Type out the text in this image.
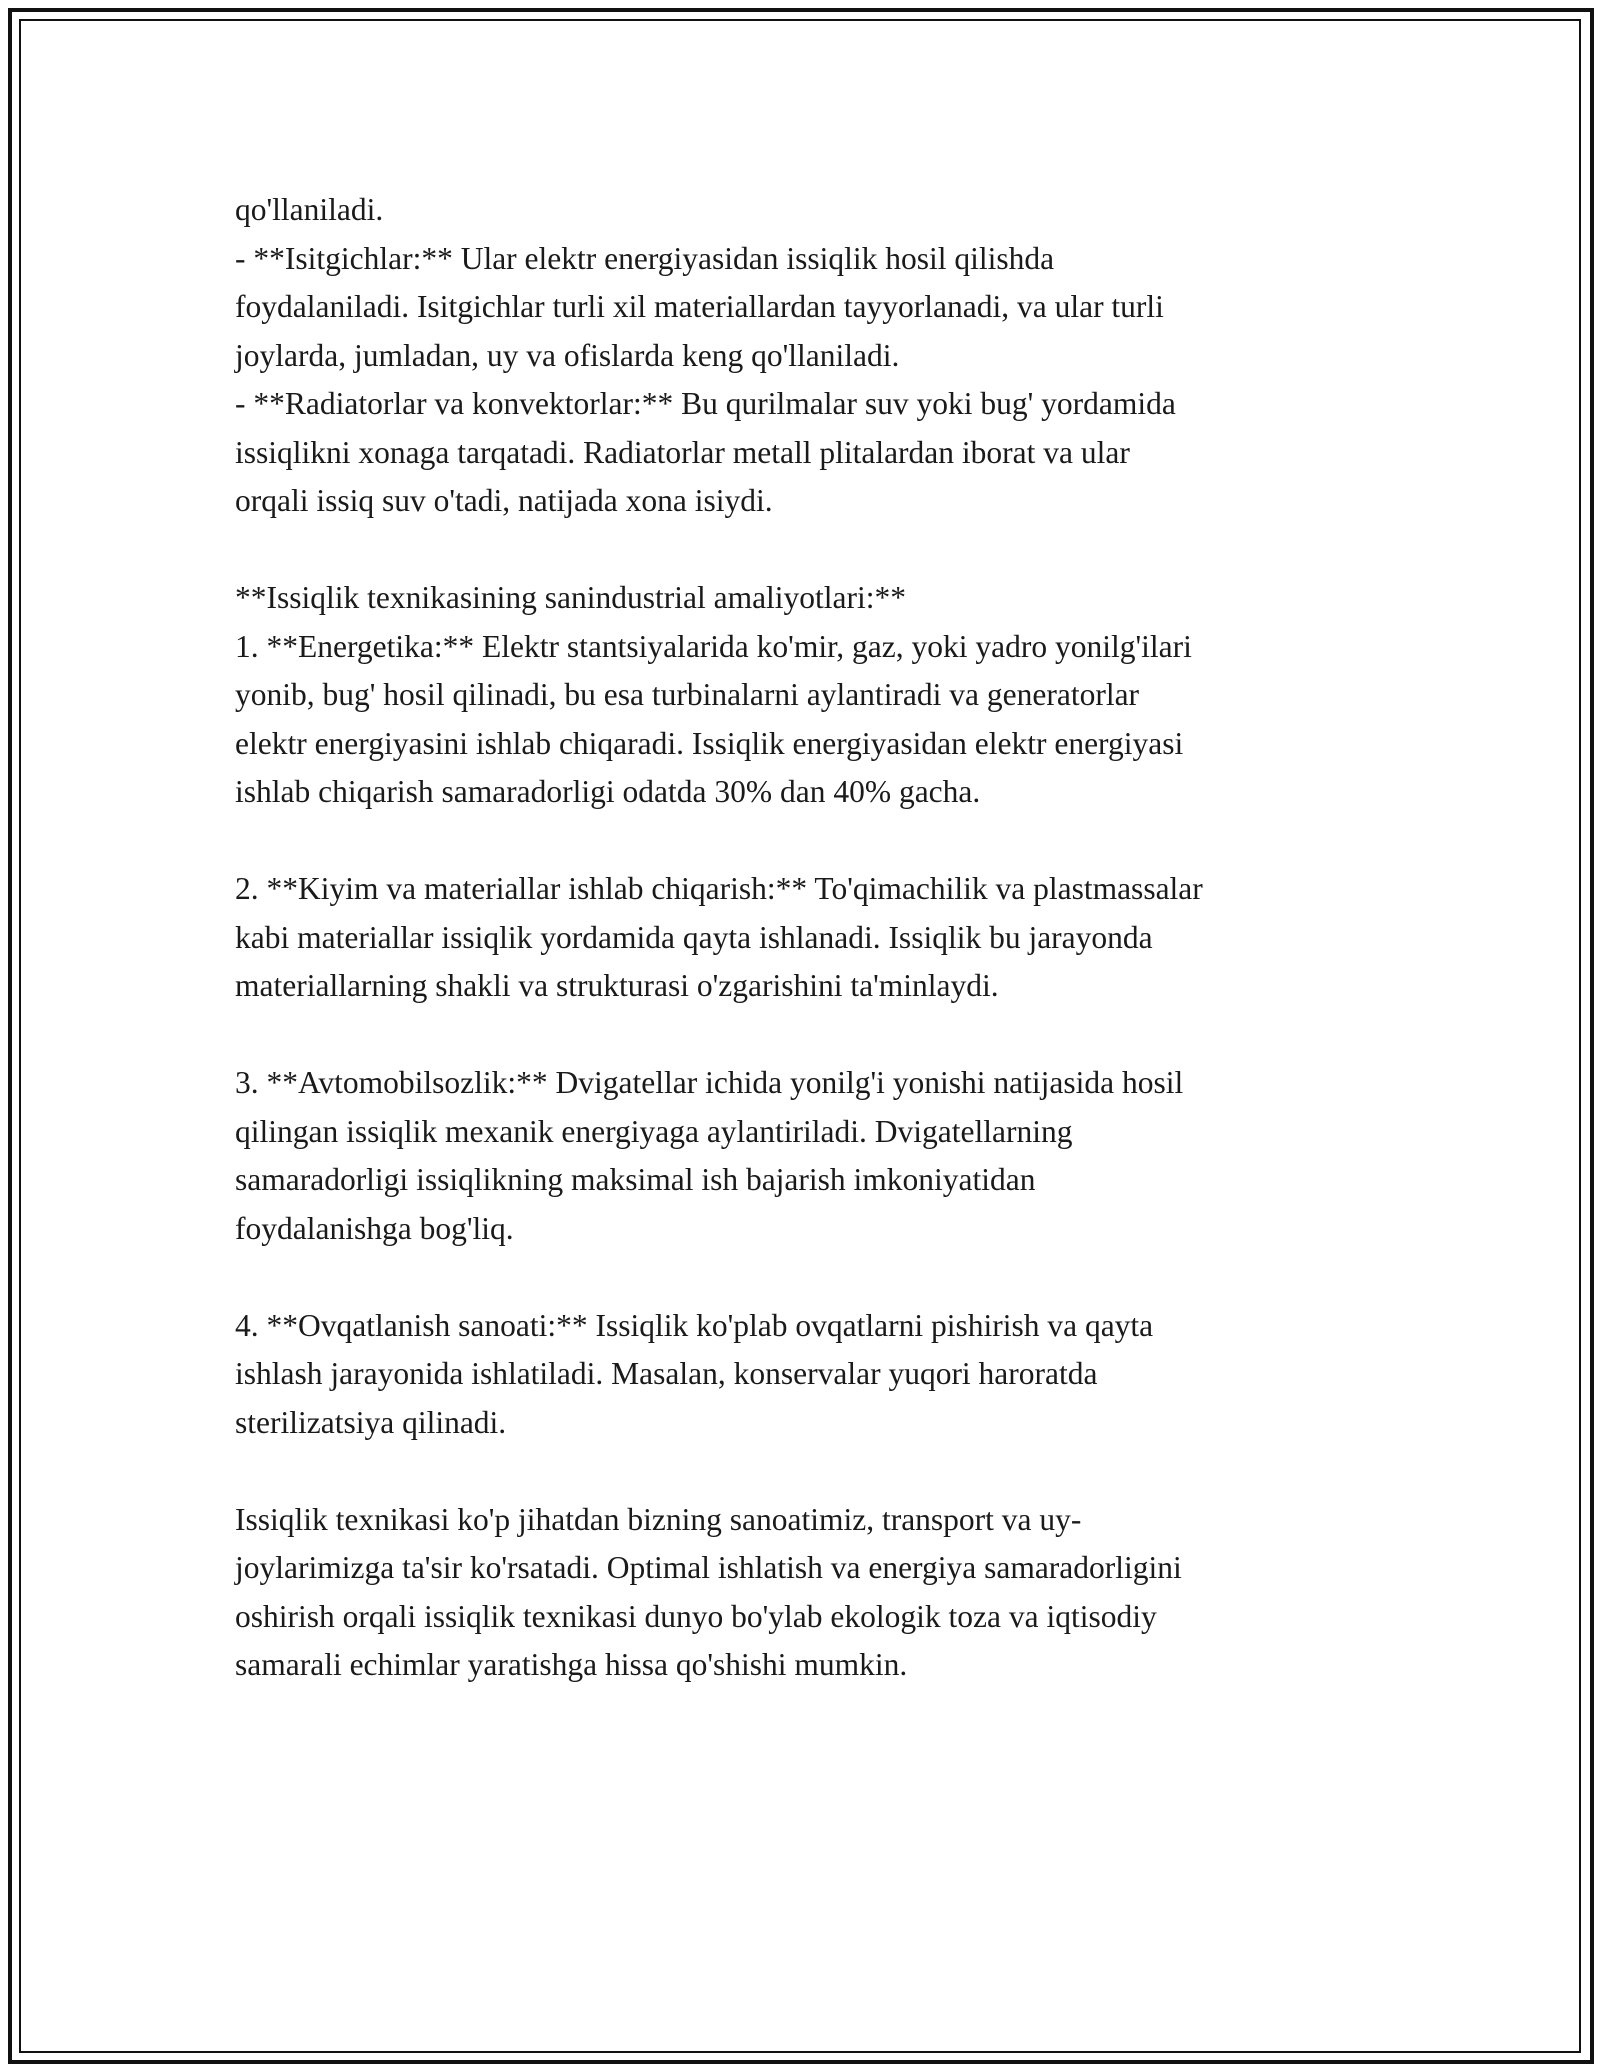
qo'llaniladi.
- **Isitgichlar:** Ular elektr energiyasidan issiqlik hosil qilishda
foydalaniladi. Isitgichlar turli xil materiallardan tayyorlanadi, va ular turli
joylarda, jumladan, uy va ofislarda keng qo'llaniladi.
- **Radiatorlar va konvektorlar:** Bu qurilmalar suv yoki bug' yordamida
issiqlikni xonaga tarqatadi. Radiatorlar metall plitalardan iborat va ular
orqali issiq suv o'tadi, natijada xona isiydi.
**Issiqlik texnikasining sanindustrial amaliyotlari:**
1. **Energetika:** Elektr stantsiyalarida ko'mir, gaz, yoki yadro yonilg'ilari
yonib, bug' hosil qilinadi, bu esa turbinalarni aylantiradi va generatorlar
elektr energiyasini ishlab chiqaradi. Issiqlik energiyasidan elektr energiyasi
ishlab chiqarish samaradorligi odatda 30% dan 40% gacha.
2. **Kiyim va materiallar ishlab chiqarish:** To'qimachilik va plastmassalar
kabi materiallar issiqlik yordamida qayta ishlanadi. Issiqlik bu jarayonda
materiallarning shakli va strukturasi o'zgarishini ta'minlaydi.
3. **Avtomobilsozlik:** Dvigatellar ichida yonilg'i yonishi natijasida hosil
qilingan issiqlik mexanik energiyaga aylantiriladi. Dvigatellarning
samaradorligi issiqlikning maksimal ish bajarish imkoniyatidan
foydalanishga bog'liq.
4. **Ovqatlanish sanoati:** Issiqlik ko'plab ovqatlarni pishirish va qayta
ishlash jarayonida ishlatiladi. Masalan, konservalar yuqori haroratda
sterilizatsiya qilinadi.
Issiqlik texnikasi ko'p jihatdan bizning sanoatimiz, transport va uy-
joylarimizga ta'sir ko'rsatadi. Optimal ishlatish va energiya samaradorligini
oshirish orqali issiqlik texnikasi dunyo bo'ylab ekologik toza va iqtisodiy
samarali echimlar yaratishga hissa qo'shishi mumkin.
